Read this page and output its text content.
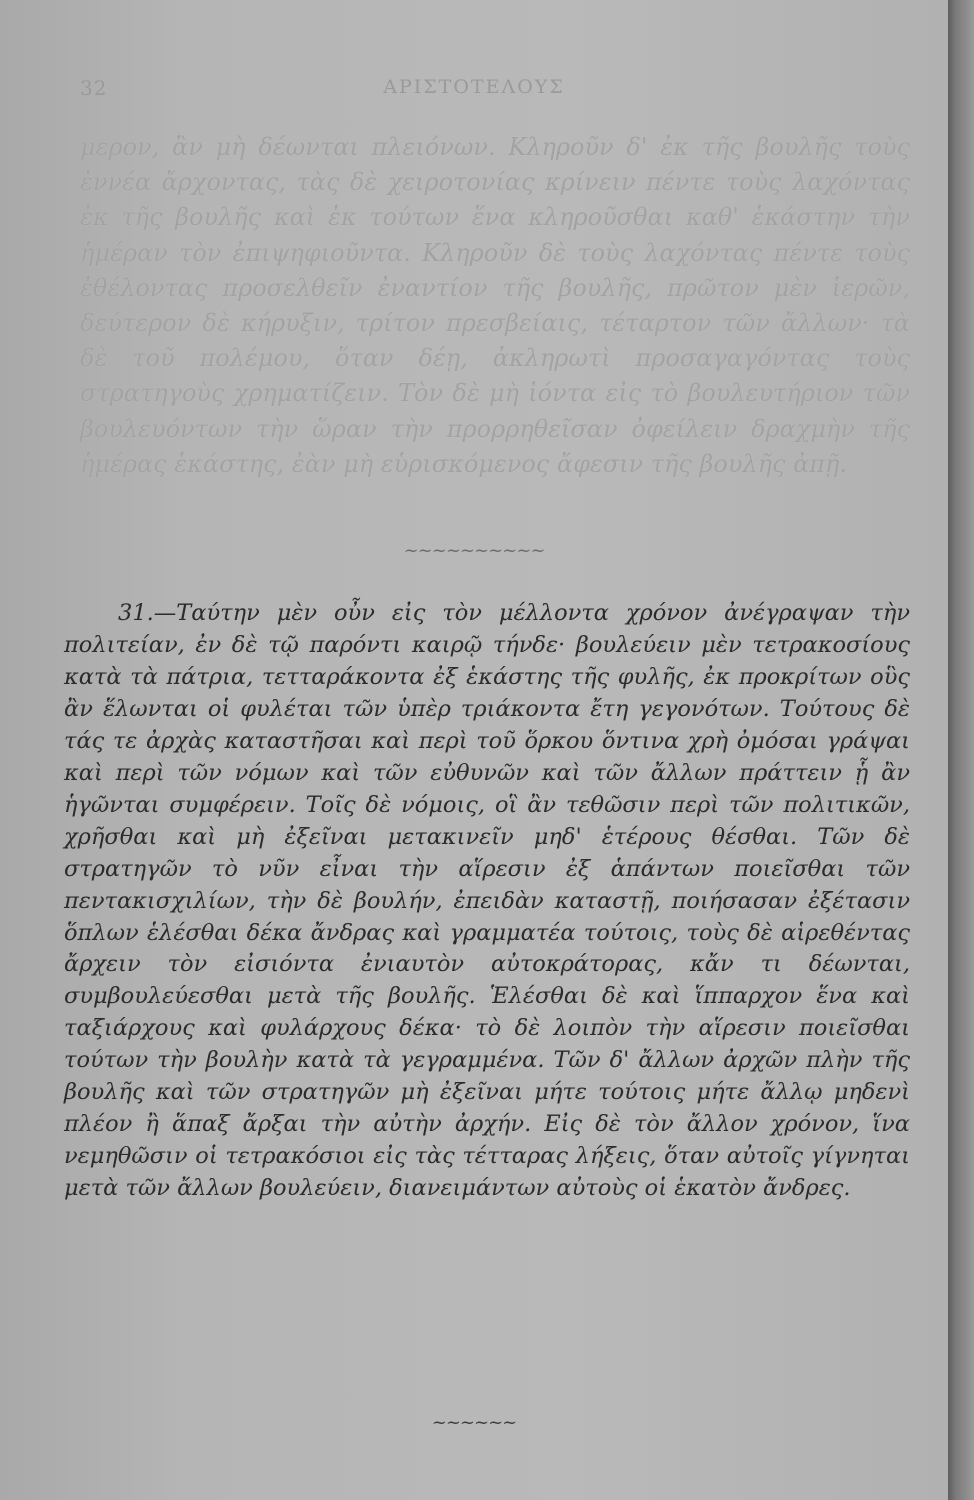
32	ΑΡΙΣΤΟΤΕΛΟΥΣ
μερον, ἂν μὴ δέωνται πλειόνων. Κληροῦν δ' ἐκ τῆς βουλῆς τοὺς ἐννέα ἄρχοντας, τὰς δὲ χειροτονίας κρίνειν πέντε τοὺς λαχόντας ἐκ τῆς βουλῆς καὶ ἐκ τούτων ἕνα κληροῦσθαι καθ' ἑκάστην τὴν ἡμέραν τὸν ἐπιψηφιοῦντα. Κληροῦν δὲ τοὺς λαχόντας πέντε τοὺς ἐθέλοντας προσελθεῖν ἐναντίον τῆς βουλῆς, πρῶτον μὲν ἱερῶν, δεύτερον δὲ κήρυξιν, τρίτον πρεσβείαις, τέταρτον τῶν ἄλλων· τὰ δὲ τοῦ πολέμου, ὅταν δέῃ, ἀκληρωτὶ προσαγαγόντας τοὺς στρατηγοὺς χρηματίζειν. Τὸν δὲ μὴ ἰόντα εἰς τὸ βουλευτήριον τῶν βουλευόντων τὴν ὥραν τὴν προρρηθεῖσαν ὀφείλειν δραχμὴν τῆς ἡμέρας ἑκάστης, ἐὰν μὴ εὑρισκόμενος ἄφεσιν τῆς βουλῆς ἀπῇ.
~~~~~~~~~~
31.—Ταύτην μὲν οὖν εἰς τὸν μέλλοντα χρόνον ἀνέγραψαν τὴν πολιτείαν, ἐν δὲ τῷ παρόντι καιρῷ τήνδε· βουλεύειν μὲν τετρακοσίους κατὰ τὰ πάτρια, τετταράκοντα ἐξ ἑκάστης τῆς φυλῆς, ἐκ προκρίτων οὓς ἂν ἕλωνται οἱ φυλέται τῶν ὑπὲρ τριάκοντα ἔτη γεγονότων. Τούτους δὲ τάς τε ἀρχὰς καταστῆσαι καὶ περὶ τοῦ ὅρκου ὅντινα χρὴ ὀμόσαι γράψαι καὶ περὶ τῶν νόμων καὶ τῶν εὐθυνῶν καὶ τῶν ἄλλων πράττειν ᾗ ἂν ἡγῶνται συμφέρειν. Τοῖς δὲ νόμοις, οἳ ἂν τεθῶσιν περὶ τῶν πολιτικῶν, χρῆσθαι καὶ μὴ ἐξεῖναι μετακινεῖν μηδ' ἑτέρους θέσθαι. Τῶν δὲ στρατηγῶν τὸ νῦν εἶναι τὴν αἵρεσιν ἐξ ἁπάντων ποιεῖσθαι τῶν πεντακισχιλίων, τὴν δὲ βουλήν, ἐπειδὰν καταστῇ, ποιήσασαν ἐξέτασιν ὅπλων ἑλέσθαι δέκα ἄνδρας καὶ γραμματέα τούτοις, τοὺς δὲ αἱρεθέντας ἄρχειν τὸν εἰσιόντα ἐνιαυτὸν αὐτοκράτορας, κἄν τι δέωνται, συμβουλεύεσθαι μετὰ τῆς βουλῆς. Ἑλέσθαι δὲ καὶ ἵππαρχον ἕνα καὶ ταξιάρχους καὶ φυλάρχους δέκα· τὸ δὲ λοιπὸν τὴν αἵρεσιν ποιεῖσθαι τούτων τὴν βουλὴν κατὰ τὰ γεγραμμένα. Τῶν δ' ἄλλων ἀρχῶν πλὴν τῆς βουλῆς καὶ τῶν στρατηγῶν μὴ ἐξεῖναι μήτε τούτοις μήτε ἄλλῳ μηδενὶ πλέον ἢ ἅπαξ ἄρξαι τὴν αὐτὴν ἀρχήν. Εἰς δὲ τὸν ἄλλον χρόνον, ἵνα νεμηθῶσιν οἱ τετρακόσιοι εἰς τὰς τέτταρας λήξεις, ὅταν αὐτοῖς γίγνηται μετὰ τῶν ἄλλων βουλεύειν, διανειμάντων αὐτοὺς οἱ ἑκατὸν ἄνδρες.
~~~~~~
